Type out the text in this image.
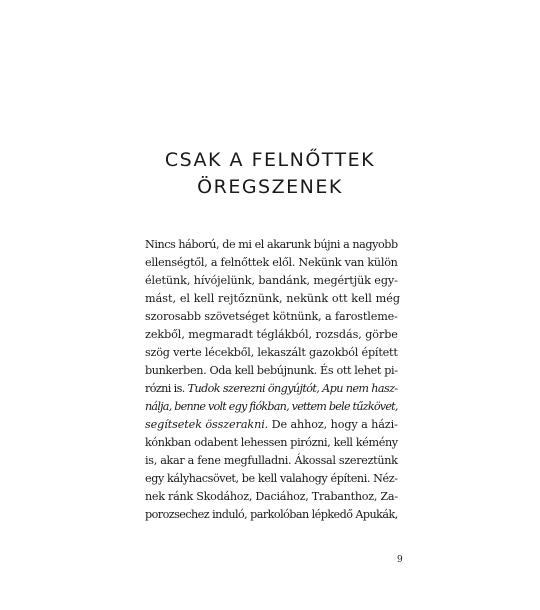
CSAK A FELNŐTTEK
ÖREGSZENEK
Nincs háború, de mi el akarunk bújni a nagyobb
ellenségtől, a felnőttek elől. Nekünk van külön
életünk, hívójelünk, bandánk, megértjük egy-
mást, el kell rejtőznünk, nekünk ott kell még
szorosabb szövetséget kötnünk, a farostleme-
zekből, megmaradt téglákból, rozsdás, görbe
szög verte lécekből, lekaszált gazokból épített
bunkerben. Oda kell bebújnunk. És ott lehet pi-
rózni is. Tudok szerezni öngyújtót, Apu nem hasz-
nálja, benne volt egy fiókban, vettem bele tűzkövet,
segítsetek összerakni. De ahhoz, hogy a házi-
kónkban odabent lehessen pirózni, kell kémény
is, akar a fene megfulladni. Ákossal szereztünk
egy kályhacsövet, be kell valahogy építeni. Néz-
nek ránk Skodához, Daciához, Trabanthoz, Za-
porozsechez induló, parkolóban lépkedő Apukák,
9
